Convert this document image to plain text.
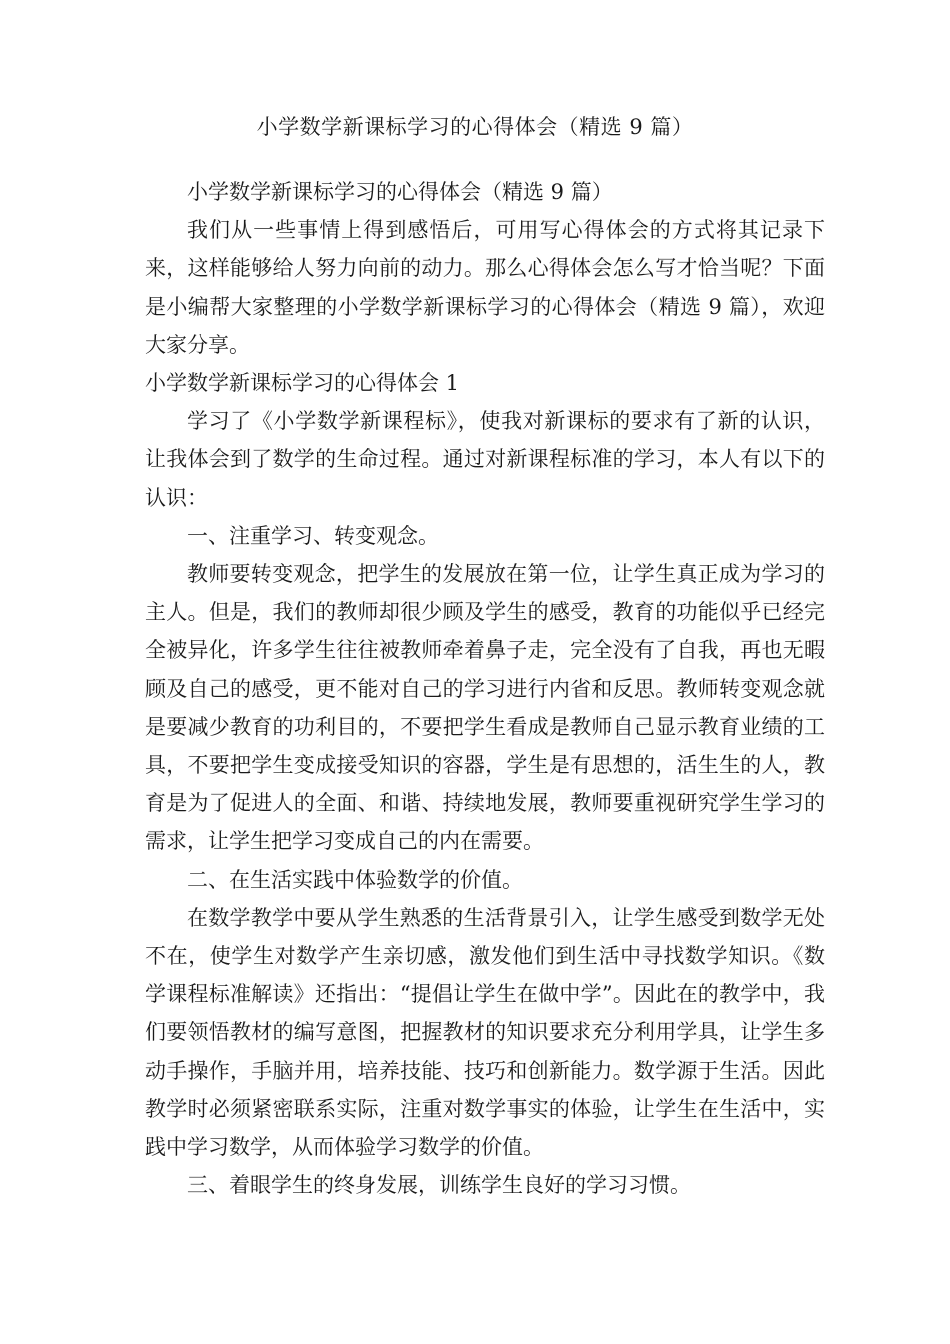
小学数学新课标学习的心得体会（精选 9 篇）

小学数学新课标学习的心得体会（精选 9 篇）

我们从一些事情上得到感悟后，可用写心得体会的方式将其记录下来，这样能够给人努力向前的动力。那么心得体会怎么写才恰当呢？下面是小编帮大家整理的小学数学新课标学习的心得体会（精选 9 篇），欢迎大家分享。

小学数学新课标学习的心得体会 1

学习了《小学数学新课程标》，使我对新课标的要求有了新的认识，让我体会到了数学的生命过程。通过对新课程标准的学习，本人有以下的认识：

一、注重学习、转变观念。

教师要转变观念，把学生的发展放在第一位，让学生真正成为学习的主人。但是，我们的教师却很少顾及学生的感受，教育的功能似乎已经完全被异化，许多学生往往被教师牵着鼻子走，完全没有了自我，再也无暇顾及自己的感受，更不能对自己的学习进行内省和反思。教师转变观念就是要减少教育的功利目的，不要把学生看成是教师自己显示教育业绩的工具，不要把学生变成接受知识的容器，学生是有思想的，活生生的人，教育是为了促进人的全面、和谐、持续地发展，教师要重视研究学生学习的需求，让学生把学习变成自己的内在需要。

二、在生活实践中体验数学的价值。

在数学教学中要从学生熟悉的生活背景引入，让学生感受到数学无处不在，使学生对数学产生亲切感，激发他们到生活中寻找数学知识。《数学课程标准解读》还指出：“提倡让学生在做中学”。因此在的教学中，我们要领悟教材的编写意图，把握教材的知识要求充分利用学具，让学生多动手操作，手脑并用，培养技能、技巧和创新能力。数学源于生活。因此教学时必须紧密联系实际，注重对数学事实的体验，让学生在生活中，实践中学习数学，从而体验学习数学的价值。

三、着眼学生的终身发展，训练学生良好的学习习惯。
